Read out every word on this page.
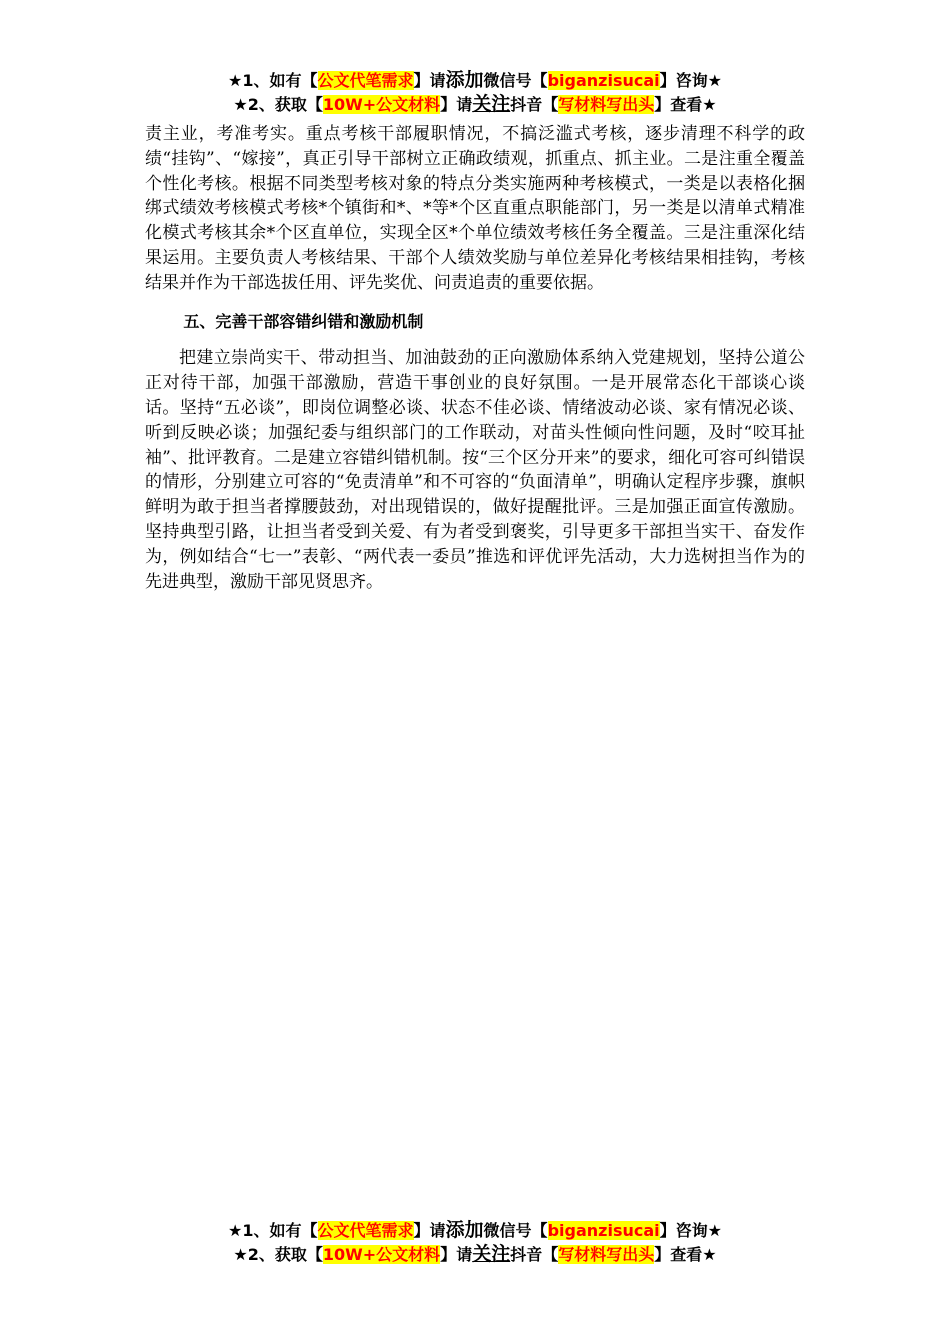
★1、如有【公文代笔需求】请添加微信号【biganzisucai】咨询★
★2、获取【10W+公文材料】请关注抖音【写材料写出头】查看★

责主业，考准考实。重点考核干部履职情况，不搞泛滥式考核，逐步清理不科学的政绩“挂钩”、“嫁接”，真正引导干部树立正确政绩观，抓重点、抓主业。二是注重全覆盖个性化考核。根据不同类型考核对象的特点分类实施两种考核模式，一类是以表格化捆绑式绩效考核模式考核*个镇街和*、*等*个区直重点职能部门，另一类是以清单式精准化模式考核其余*个区直单位，实现全区*个单位绩效考核任务全覆盖。三是注重深化结果运用。主要负责人考核结果、干部个人绩效奖励与单位差异化考核结果相挂钩，考核结果并作为干部选拔任用、评先奖优、问责追责的重要依据。

五、完善干部容错纠错和激励机制

把建立崇尚实干、带动担当、加油鼓劲的正向激励体系纳入党建规划，坚持公道公正对待干部，加强干部激励，营造干事创业的良好氛围。一是开展常态化干部谈心谈话。坚持“五必谈”，即岗位调整必谈、状态不佳必谈、情绪波动必谈、家有情况必谈、听到反映必谈；加强纪委与组织部门的工作联动，对苗头性倾向性问题，及时“咬耳扯袖”、批评教育。二是建立容错纠错机制。按“三个区分开来”的要求，细化可容可纠错误的情形，分别建立可容的“免责清单”和不可容的“负面清单”，明确认定程序步骤，旗帜鲜明为敢于担当者撑腰鼓劲，对出现错误的，做好提醒批评。三是加强正面宣传激励。坚持典型引路，让担当者受到关爱、有为者受到褒奖，引导更多干部担当实干、奋发作为，例如结合“七一”表彰、“两代表一委员”推选和评优评先活动，大力选树担当作为的先进典型，激励干部见贤思齐。

★1、如有【公文代笔需求】请添加微信号【biganzisucai】咨询★
★2、获取【10W+公文材料】请关注抖音【写材料写出头】查看★
